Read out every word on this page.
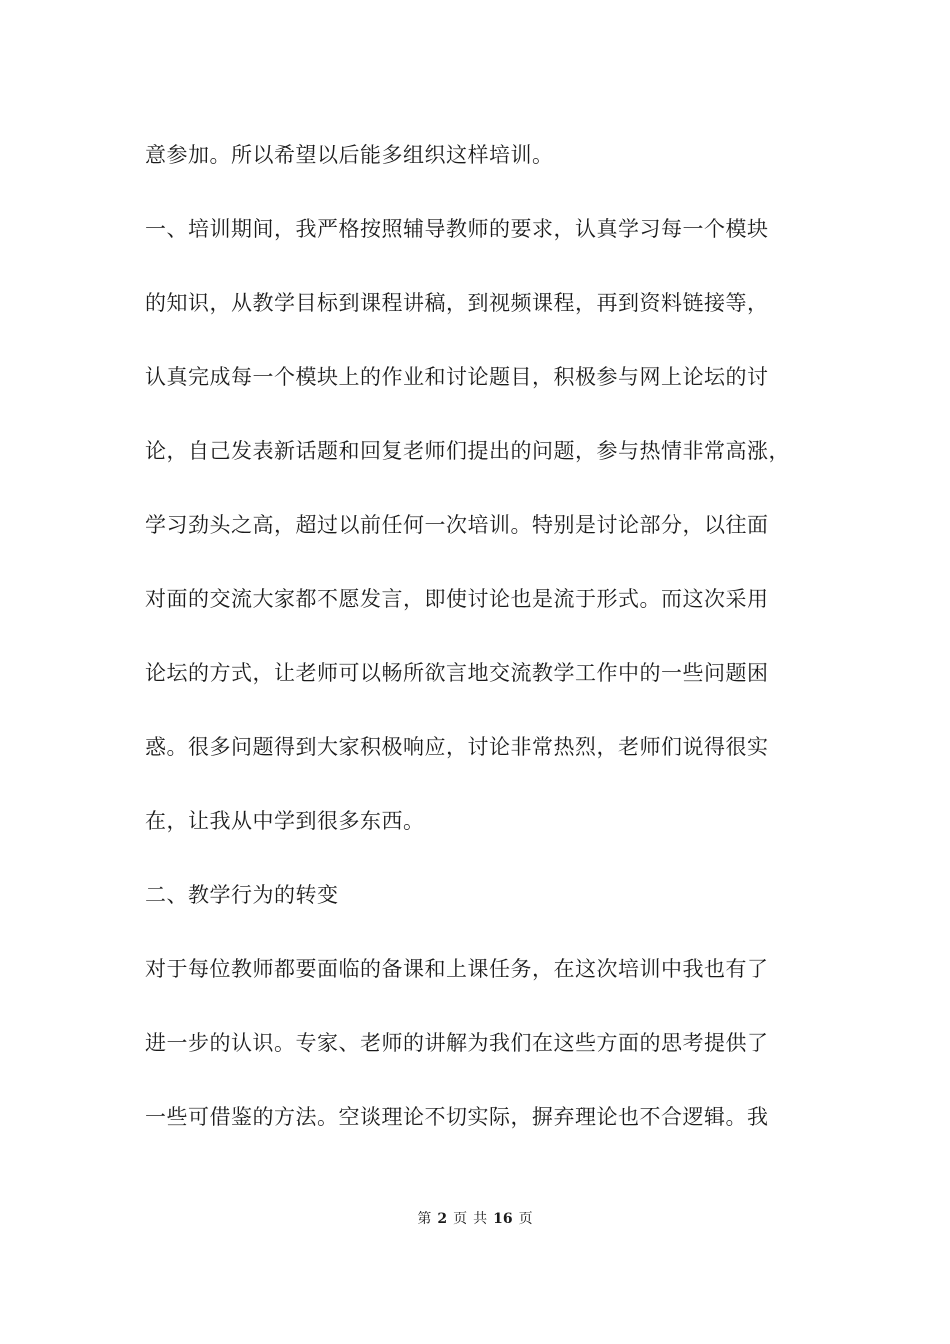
意参加。所以希望以后能多组织这样培训。
一、培训期间，我严格按照辅导教师的要求，认真学习每一个模块
的知识，从教学目标到课程讲稿，到视频课程，再到资料链接等，
认真完成每一个模块上的作业和讨论题目，积极参与网上论坛的讨
论，自己发表新话题和回复老师们提出的问题，参与热情非常高涨，
学习劲头之高，超过以前任何一次培训。特别是讨论部分，以往面
对面的交流大家都不愿发言，即使讨论也是流于形式。而这次采用
论坛的方式，让老师可以畅所欲言地交流教学工作中的一些问题困
惑。很多问题得到大家积极响应，讨论非常热烈，老师们说得很实
在，让我从中学到很多东西。
二、教学行为的转变
对于每位教师都要面临的备课和上课任务，在这次培训中我也有了
进一步的认识。专家、老师的讲解为我们在这些方面的思考提供了
一些可借鉴的方法。空谈理论不切实际，摒弃理论也不合逻辑。我
第 2 页 共 16 页
